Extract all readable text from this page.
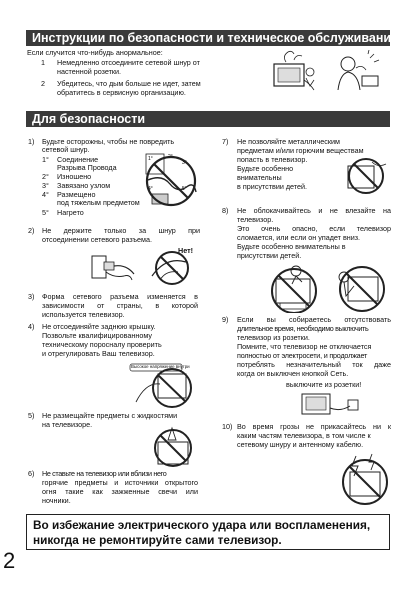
Инструкции по безопасности и техническое обслуживание
Если случится что-нибудь анормальное:
1 Немедленно отсоедините сетевой шнур от
настенной розетки.
2 Убедитесь, что дым больше не идет, затем
обратитесь в сервисную организацию.
Для безопасности
1) Будьте осторожны, чтобы не повредить
сетевой шнур.
1° Соединение
Разрыва Провода
2° Изношено
3° Завязано узлом
4° Размещено
под тяжелым предметом
5° Нагрето
1°	2°
3°
4°	5°
2) Не держите только за шнур при
отсоединении сетевого разъема.
Нет!
3) Форма сетевого разъема изменяется в
зависимости от страны, в которой
используется телевизор.
4) Не отсоединяйте заднюю крышку.
Позвольте квалифицированному
техническому поросналу проверить
и отрегулировать Ваш телевизор.
Высокое напряжение внутри
5) Не размещайте предметы с жидкостями
на телевизоре.
6) Не ставьте на телевизор или вблизи него
горячие предметы и источники открытого
огня такие как зажженные свечи или
ночники.
7) Не позволяйте металлическим
предметам и/или горючим веществам
попасть в телевизор.
Будьте особенно
внимательны
в присутствии детей.
8) Не облокачивайтесь и не влезайте на
телевизор.
Это очень опасно, если телевизор
сломается, или если он упадет вниз.
Будьте особенно внимательны в
присутствии детей.
9) Если вы собираетесь отсутствовать
длительное время, необходимо выключить
телевизор из розетки.
Помните, что телевизор не отключается
полностью от электросети, и продолжает
потреблять незначительный ток даже
когда он выключен кнопкой Сеть.
выключите из розетки!
10) Во время грозы не прикасайтесь ни к
каким частям телевизора, в том числе к
сетевому шнуру и антенному кабелю.
Во избежание электрического удара или воспламенения,
никогда не ремонтируйте сами телевизор.
2
